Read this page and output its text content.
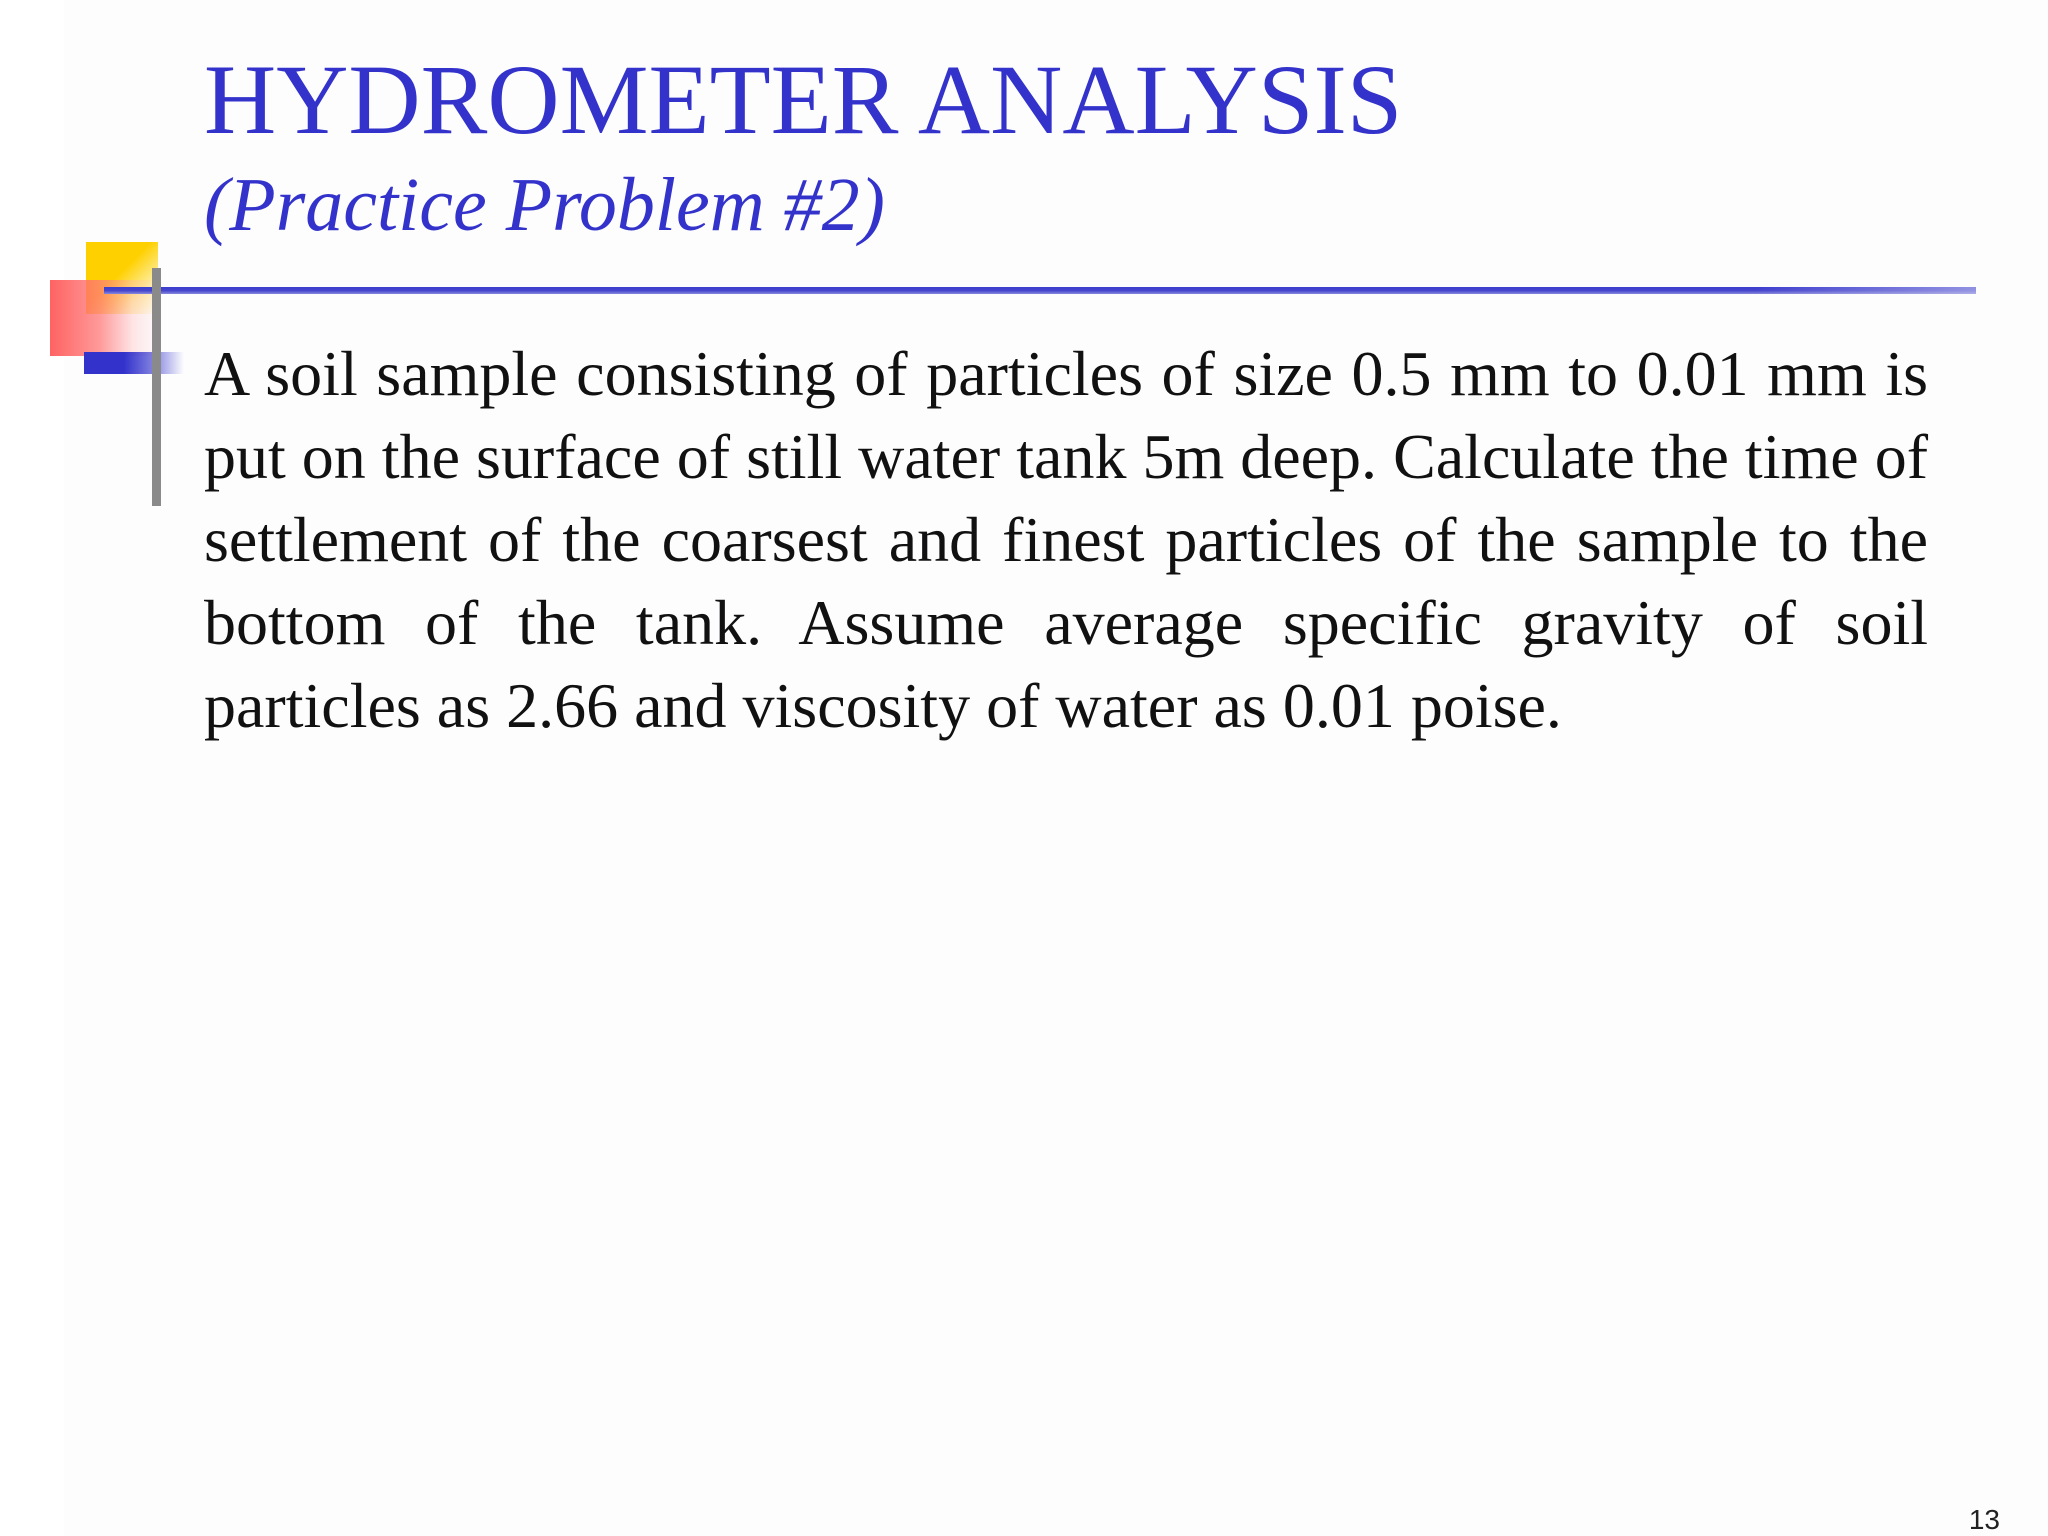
HYDROMETER ANALYSIS
(Practice Problem #2)

A soil sample consisting of particles of size 0.5 mm to 0.01 mm is put on the surface of still water tank 5m deep. Calculate the time of settlement of the coarsest and finest particles of the sample to the bottom of the tank. Assume average specific gravity of soil particles as 2.66 and viscosity of water as 0.01 poise.

13
